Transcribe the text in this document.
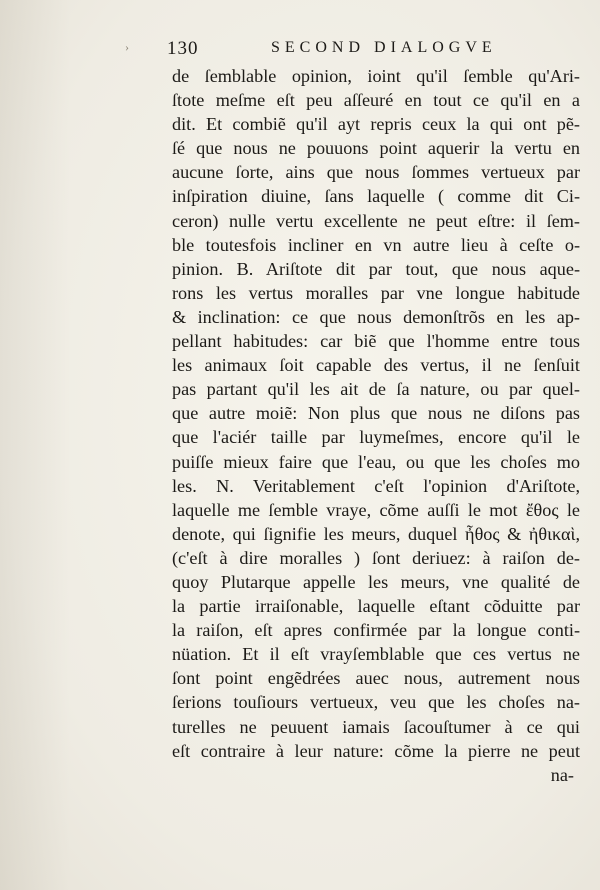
› 130	SECOND DIALOGVE
de ſemblable opinion, ioint qu'il ſemble qu'Ari-
ſtote meſme eſt peu aſſeuré en tout ce qu'il en a
dit. Et combiẽ qu'il ayt repris ceux la qui ont pẽ-
ſé que nous ne pouuons point aquerir la vertu en
aucune ſorte, ains que nous ſommes vertueux par
inſpiration diuine, ſans laquelle ( comme dit Ci-
ceron) nulle vertu excellente ne peut eſtre: il ſem-
ble toutesfois incliner en vn autre lieu à ceſte o-
pinion. B. Ariſtote dit par tout, que nous aque-
rons les vertus moralles par vne longue habitude
& inclination: ce que nous demonſtrõs en les ap-
pellant habitudes: car biẽ que l'homme entre tous
les animaux ſoit capable des vertus, il ne ſenſuit
pas partant qu'il les ait de ſa nature, ou par quel-
que autre moiẽ: Non plus que nous ne diſons pas
que l'aciér taille par luymeſmes, encore qu'il le
puiſſe mieux faire que l'eau, ou que les choſes mo
les. N. Veritablement c'eſt l'opinion d'Ariſtote,
laquelle me ſemble vraye, cõme auſſi le mot ἔθος le
denote, qui ſignifie les meurs, duquel ἦθος & ἠθικαὶ,
(c'eſt à dire moralles ) ſont deriuez: à raiſon de-
quoy Plutarque appelle les meurs, vne qualité de
la partie irraiſonable, laquelle eſtant cõduitte par
la raiſon, eſt apres confirmée par la longue conti-
nüation. Et il eſt vrayſemblable que ces vertus ne
ſont point engẽdrées auec nous, autrement nous
ſerions touſiours vertueux, veu que les choſes na-
turelles ne peuuent iamais ſacouſtumer à ce qui
eſt contraire à leur nature: cõme la pierre ne peut
na-
